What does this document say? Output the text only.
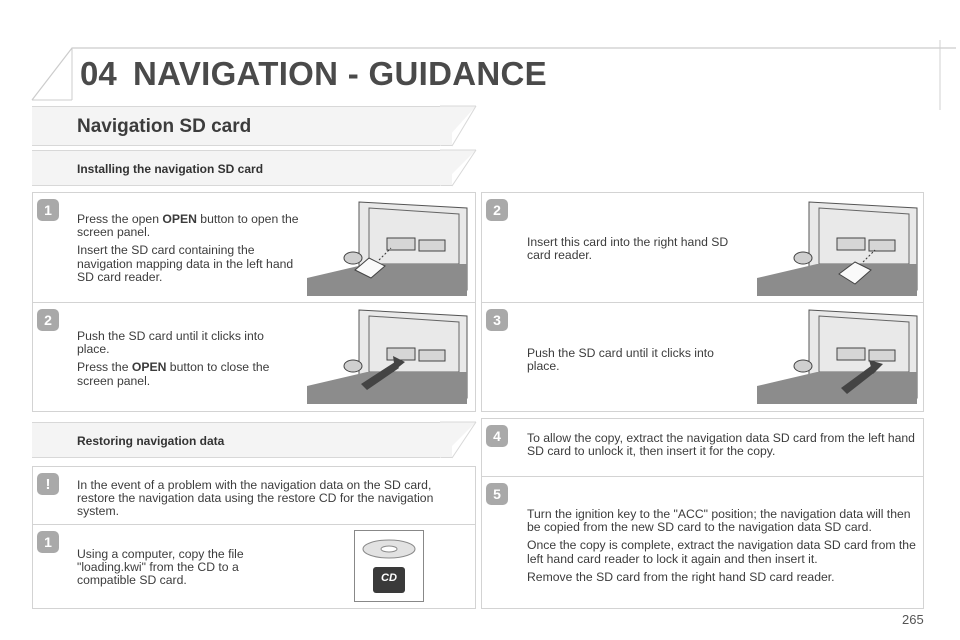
04 NAVIGATION - GUIDANCE
Navigation SD card
Installing the navigation SD card
1

Press the open OPEN button to open the screen panel.

Insert the SD card containing the navigation mapping data in the left hand SD card reader.

2

Push the SD card until it clicks into place.

Press the OPEN button to close the screen panel.

2

Insert this card into the right hand SD card reader.

3

Push the SD card until it clicks into place.

Restoring navigation data
!	In the event of a problem with the navigation data on the SD card, restore the navigation data using the restore CD for the navigation system.
1
Using a computer, copy the file "loading.kwi" from the CD to a compatible SD card.	CD
4	To allow the copy, extract the navigation data SD card from the left hand SD card to unlock it, then insert it for the copy.
5

Turn the ignition key to the "ACC" position; the navigation data will then be copied from the new SD card to the navigation data SD card.

Once the copy is complete, extract the navigation data SD card from the left hand card reader to lock it again and then insert it.

Remove the SD card from the right hand SD card reader.

265
